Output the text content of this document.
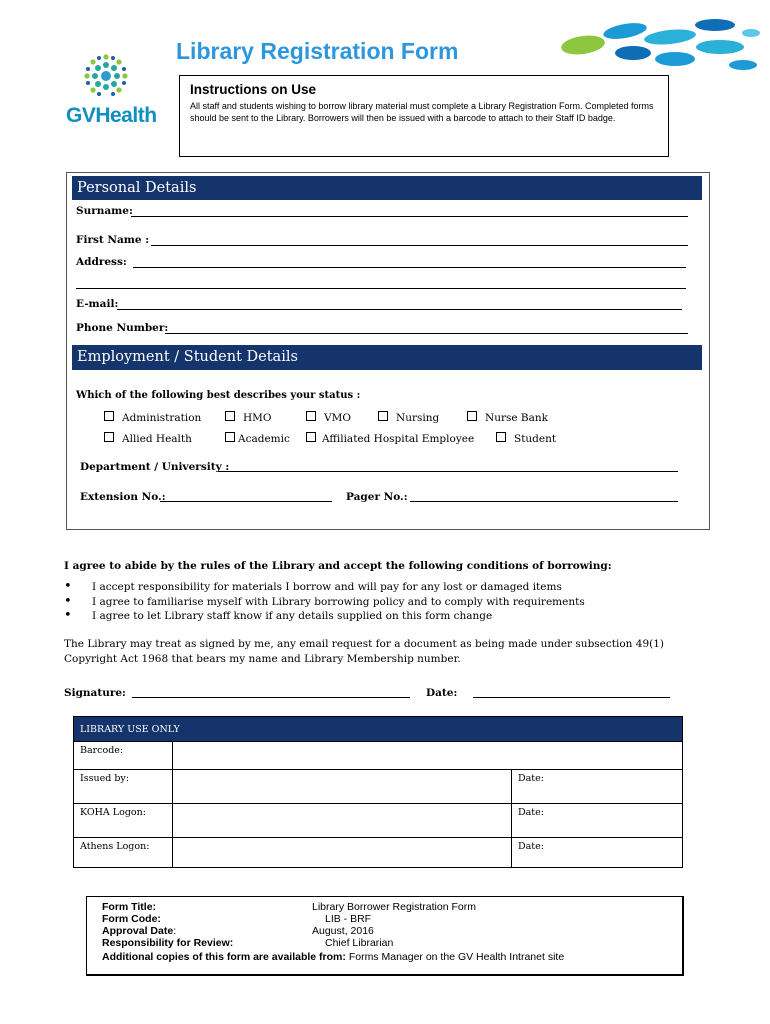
GVHealth
Library Registration Form
Instructions on Use
All staff and students wishing to borrow library material must complete a Library Registration Form. Completed forms should be sent to the Library. Borrowers will then be issued with a barcode to attach to their Staff ID badge.
Personal Details
Surname:
First Name :
Address:
E-mail:
Phone Number:
Employment / Student Details
Which of the following best describes your status :
Administration	HMO	VMO	Nursing	Nurse Bank
Allied Health	Academic	Affiliated Hospital Employee	Student
Department / University :
Extension No.:	Pager No.:
I agree to abide by the rules of the Library and accept the following conditions of borrowing:
• I accept responsibility for materials I borrow and will pay for any lost or damaged items
• I agree to familiarise myself with Library borrowing policy and to comply with requirements
• I agree to let Library staff know if any details supplied on this form change
The Library may treat as signed by me, any email request for a document as being made under subsection 49(1) Copyright Act 1968 that bears my name and Library Membership number.
Signature:	Date:
LIBRARY USE ONLY		
Barcode:		
Issued by:		Date:
KOHA Logon:		Date:
Athens Logon:		Date:
Form Title:	Library Borrower Registration Form
Form Code:	LIB - BRF
Approval Date:	August, 2016
Responsibility for Review:	Chief Librarian
Additional copies of this form are available from: Forms Manager on the GV Health Intranet site
